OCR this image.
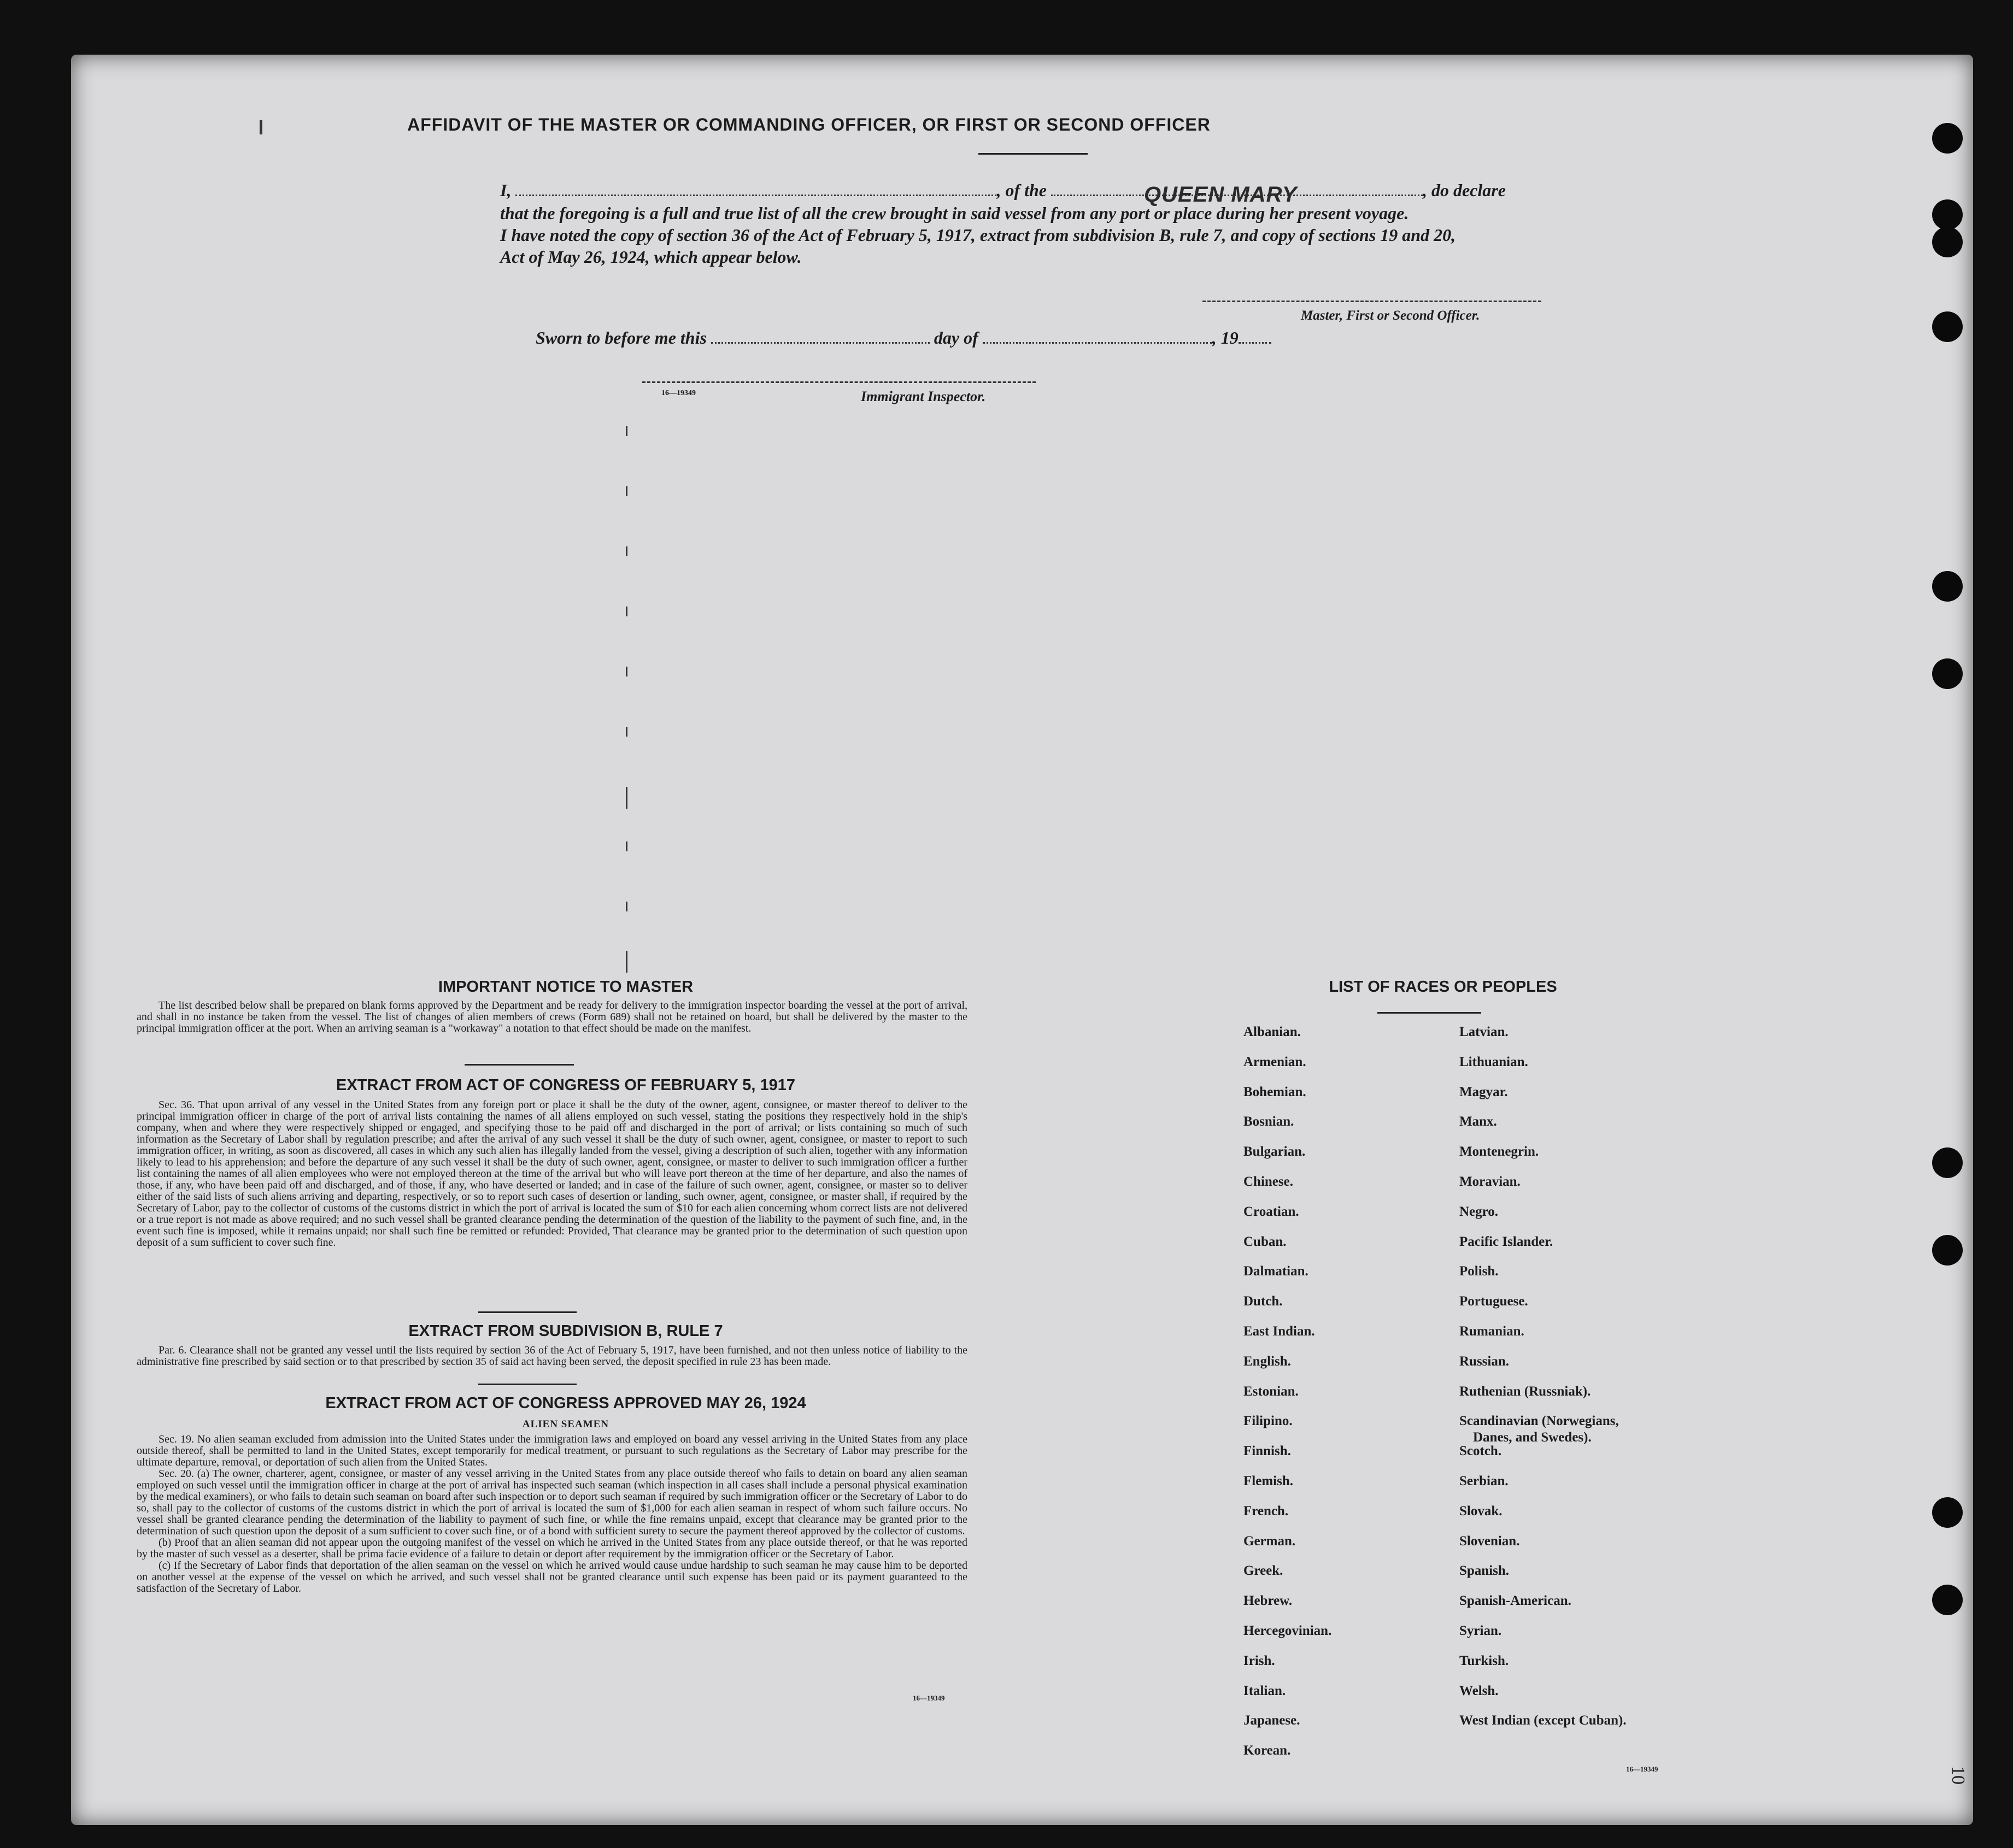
AFFIDAVIT OF THE MASTER OR COMMANDING OFFICER, OR FIRST OR SECOND OFFICER
I,	, of the	QUEEN MARY	, do declare
that the foregoing is a full and true list of all the crew brought in said vessel from any port or place during her present voyage.
I have noted the copy of section 36 of the Act of February 5, 1917, extract from subdivision B, rule 7, and copy of sections 19 and 20,
Act of May 26, 1924, which appear below.
Master, First or Second Officer.
Sworn to before me this	day of	, 19
16—19349	Immigrant Inspector.
IMPORTANT NOTICE TO MASTER
The list described below shall be prepared on blank forms approved by the Department and be ready for delivery to the immigration inspector boarding the vessel at the port of arrival, and shall in no instance be taken from the vessel. The list of changes of alien members of crews (Form 689) shall not be retained on board, but shall be delivered by the master to the principal immigration officer at the port. When an arriving seaman is a "workaway" a notation to that effect should be made on the manifest.
EXTRACT FROM ACT OF CONGRESS OF FEBRUARY 5, 1917
Sec. 36. That upon arrival of any vessel in the United States from any foreign port or place it shall be the duty of the owner, agent, consignee, or master thereof to deliver to the principal immigration officer in charge of the port of arrival lists containing the names of all aliens employed on such vessel, stating the positions they respectively hold in the ship's company, when and where they were respectively shipped or engaged, and specifying those to be paid off and discharged in the port of arrival; or lists containing so much of such information as the Secretary of Labor shall by regulation prescribe; and after the arrival of any such vessel it shall be the duty of such owner, agent, consignee, or master to report to such immigration officer, in writing, as soon as discovered, all cases in which any such alien has illegally landed from the vessel, giving a description of such alien, together with any information likely to lead to his apprehension; and before the departure of any such vessel it shall be the duty of such owner, agent, consignee, or master to deliver to such immigration officer a further list containing the names of all alien employees who were not employed thereon at the time of the arrival but who will leave port thereon at the time of her departure, and also the names of those, if any, who have been paid off and discharged, and of those, if any, who have deserted or landed; and in case of the failure of such owner, agent, consignee, or master so to deliver either of the said lists of such aliens arriving and departing, respectively, or so to report such cases of desertion or landing, such owner, agent, consignee, or master shall, if required by the Secretary of Labor, pay to the collector of customs of the customs district in which the port of arrival is located the sum of $10 for each alien concerning whom correct lists are not delivered or a true report is not made as above required; and no such vessel shall be granted clearance pending the determination of the question of the liability to the payment of such fine, and, in the event such fine is imposed, while it remains unpaid; nor shall such fine be remitted or refunded: Provided, That clearance may be granted prior to the determination of such question upon deposit of a sum sufficient to cover such fine.
EXTRACT FROM SUBDIVISION B, RULE 7
Par. 6. Clearance shall not be granted any vessel until the lists required by section 36 of the Act of February 5, 1917, have been furnished, and not then unless notice of liability to the administrative fine prescribed by said section or to that prescribed by section 35 of said act having been served, the deposit specified in rule 23 has been made.
EXTRACT FROM ACT OF CONGRESS APPROVED MAY 26, 1924
ALIEN SEAMEN
Sec. 19. No alien seaman excluded from admission into the United States under the immigration laws and employed on board any vessel arriving in the United States from any place outside thereof, shall be permitted to land in the United States, except temporarily for medical treatment, or pursuant to such regulations as the Secretary of Labor may prescribe for the ultimate departure, removal, or deportation of such alien from the United States.
Sec. 20. (a) The owner, charterer, agent, consignee, or master of any vessel arriving in the United States from any place outside thereof who fails to detain on board any alien seaman employed on such vessel until the immigration officer in charge at the port of arrival has inspected such seaman (which inspection in all cases shall include a personal physical examination by the medical examiners), or who fails to detain such seaman on board after such inspection or to deport such seaman if required by such immigration officer or the Secretary of Labor to do so, shall pay to the collector of customs of the customs district in which the port of arrival is located the sum of $1,000 for each alien seaman in respect of whom such failure occurs. No vessel shall be granted clearance pending the determination of the liability to payment of such fine, or while the fine remains unpaid, except that clearance may be granted prior to the determination of such question upon the deposit of a sum sufficient to cover such fine, or of a bond with sufficient surety to secure the payment thereof approved by the collector of customs.
(b) Proof that an alien seaman did not appear upon the outgoing manifest of the vessel on which he arrived in the United States from any place outside thereof, or that he was reported by the master of such vessel as a deserter, shall be prima facie evidence of a failure to detain or deport after requirement by the immigration officer or the Secretary of Labor.
(c) If the Secretary of Labor finds that deportation of the alien seaman on the vessel on which he arrived would cause undue hardship to such seaman he may cause him to be deported on another vessel at the expense of the vessel on which he arrived, and such vessel shall not be granted clearance until such expense has been paid or its payment guaranteed to the satisfaction of the Secretary of Labor.
16—19349
LIST OF RACES OR PEOPLES
Albanian.
Armenian.
Bohemian.
Bosnian.
Bulgarian.
Chinese.
Croatian.
Cuban.
Dalmatian.
Dutch.
East Indian.
English.
Estonian.
Filipino.
Finnish.
Flemish.
French.
German.
Greek.
Hebrew.
Hercegovinian.
Irish.
Italian.
Japanese.
Korean.
Latvian.
Lithuanian.
Magyar.
Manx.
Montenegrin.
Moravian.
Negro.
Pacific Islander.
Polish.
Portuguese.
Rumanian.
Russian.
Ruthenian (Russniak).
Scandinavian (Norwegians,
Danes, and Swedes).
Scotch.
Serbian.
Slovak.
Slovenian.
Spanish.
Spanish-American.
Syrian.
Turkish.
Welsh.
West Indian (except Cuban).
16—19349	10
